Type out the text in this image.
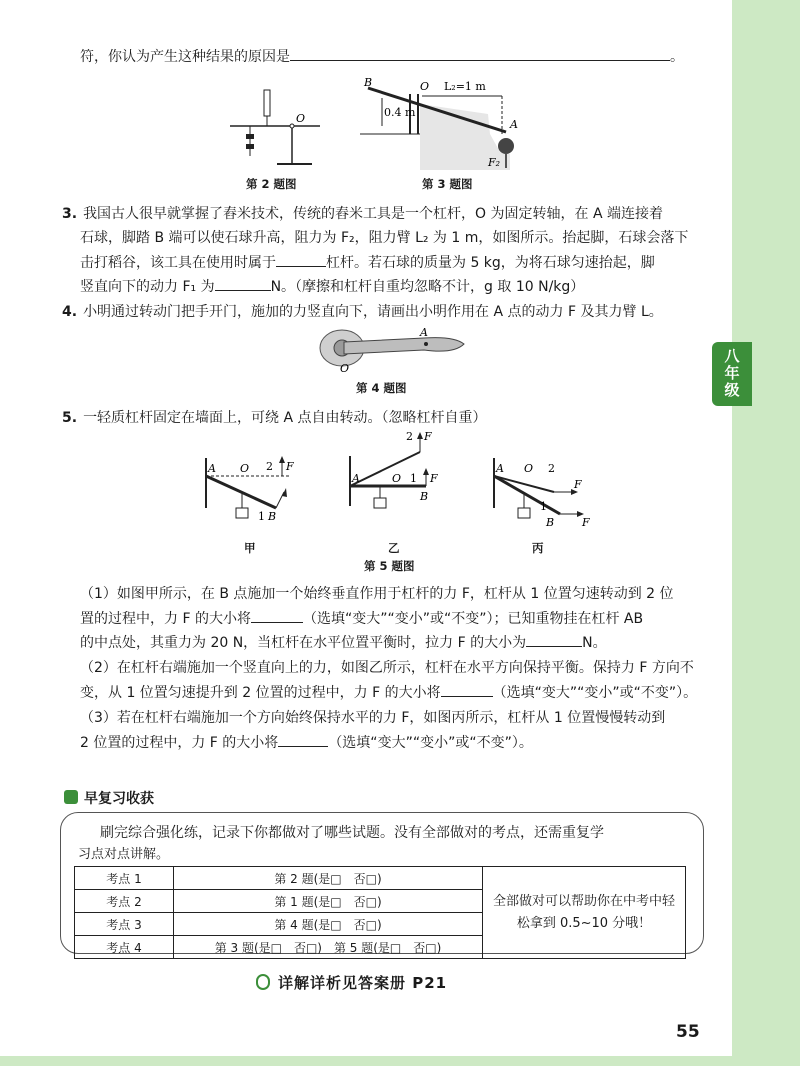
八
年
级
符，你认为产生这种结果的原因是	。
O
第 2 题图
B	O L₂=1 m
0.4 m
A
F₂
第 3 题图
3. 我国古人很早就掌握了舂米技术，传统的舂米工具是一个杠杆，O 为固定转轴，在 A 端连接着
石球，脚踏 B 端可以使石球升高，阻力为 F₂，阻力臂 L₂ 为 1 m，如图所示。抬起脚，石球会落下
击打稻谷，该工具在使用时属于	杠杆。若石球的质量为 5 kg，为将石球匀速抬起，脚
竖直向下的动力 F₁ 为	N。（摩擦和杠杆自重均忽略不计，g 取 10 N/kg）
4. 小明通过转动门把手开门，施加的力竖直向下，请画出小明作用在 A 点的动力 F 及其力臂 L。
A
O
第 4 题图
5. 一轻质杠杆固定在墙面上，可绕 A 点自由转动。（忽略杠杆自重）
A O 2 F
1 B
甲
A	O
2 F
1 F
B
乙
A O 2
F
1
B	F
丙
第 5 题图
（1）如图甲所示，在 B 点施加一个始终垂直作用于杠杆的力 F，杠杆从 1 位置匀速转动到 2 位
置的过程中，力 F 的大小将	（选填“变大”“变小”或“不变”）；已知重物挂在杠杆 AB
的中点处，其重力为 20 N，当杠杆在水平位置平衡时，拉力 F 的大小为	N。
（2）在杠杆右端施加一个竖直向上的力，如图乙所示，杠杆在水平方向保持平衡。保持力 F 方向不
变，从 1 位置匀速提升到 2 位置的过程中，力 F 的大小将	（选填“变大”“变小”或“不变”）。
（3）若在杠杆右端施加一个方向始终保持水平的力 F，如图丙所示，杠杆从 1 位置慢慢转动到
2 位置的过程中，力 F 的大小将	（选填“变大”“变小”或“不变”）。
早复习收获
刷完综合强化练，记录下你都做对了哪些试题。没有全部做对的考点，还需重复学
习点对点讲解。
考点 1	第 2 题(是□　否□)	全部做对可以帮助你在中考中轻
松拿到 0.5~10 分哦！

考点 2	第 1 题(是□　否□)	
考点 3	第 4 题(是□　否□)	
考点 4	第 3 题(是□　否□)　第 5 题(是□　否□)	
详解详析见答案册 P21
55
